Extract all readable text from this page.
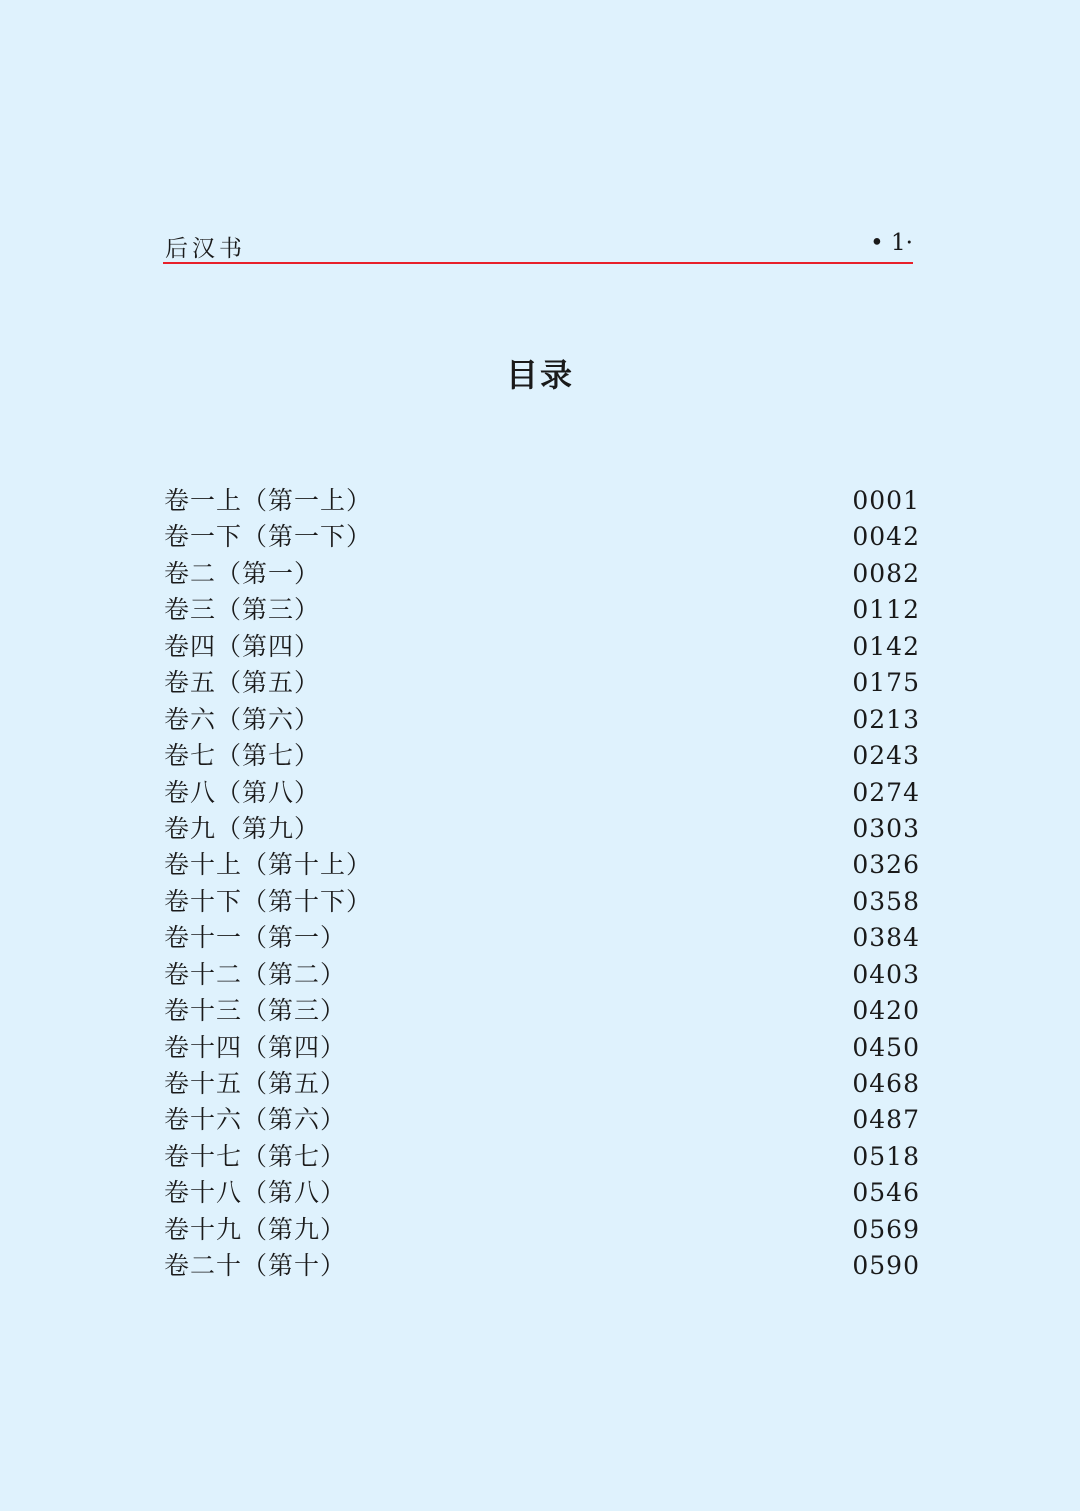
后汉书	• 1·
目录
卷一上（第一上）	0001
卷一下（第一下）	0042
卷二（第一）	0082
卷三（第三）	0112
卷四（第四）	0142
卷五（第五）	0175
卷六（第六）	0213
卷七（第七）	0243
卷八（第八）	0274
卷九（第九）	0303
卷十上（第十上）	0326
卷十下（第十下）	0358
卷十一（第一）	0384
卷十二（第二）	0403
卷十三（第三）	0420
卷十四（第四）	0450
卷十五（第五）	0468
卷十六（第六）	0487
卷十七（第七）	0518
卷十八（第八）	0546
卷十九（第九）	0569
卷二十（第十）	0590
